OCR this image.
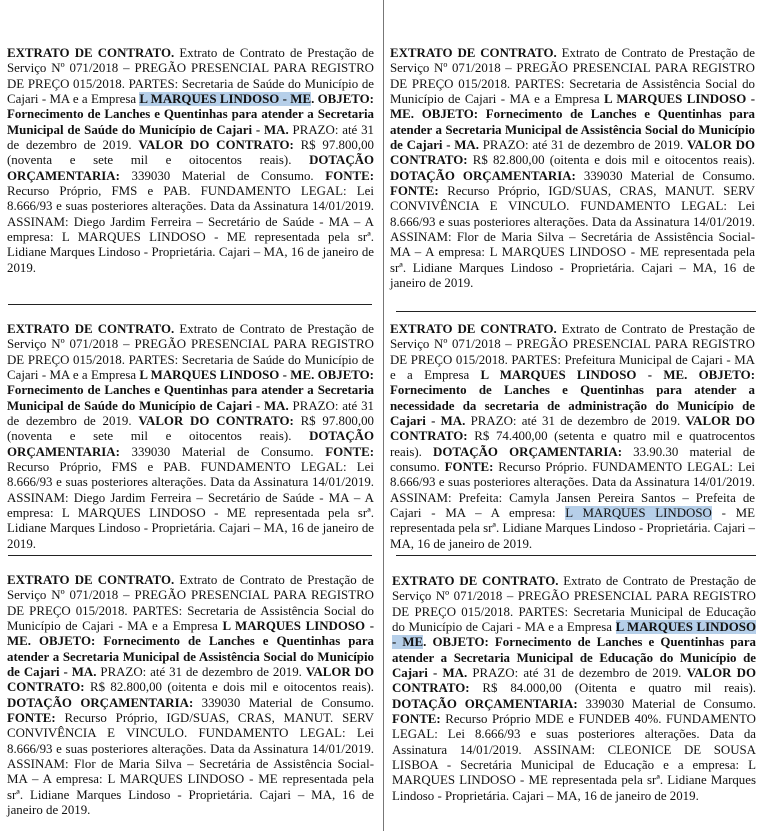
EXTRATO DE CONTRATO. Extrato de Contrato de Prestação de Serviço Nº 071/2018 – PREGÃO PRESENCIAL PARA REGISTRO DE PREÇO 015/2018. PARTES: Secretaria de Saúde do Município de Cajari - MA e a Empresa L MARQUES LINDOSO - ME. OBJETO: Fornecimento de Lanches e Quentinhas para atender a Secretaria Municipal de Saúde do Município de Cajari - MA. PRAZO: até 31 de dezembro de 2019. VALOR DO CONTRATO: R$ 97.800,00 (noventa e sete mil e oitocentos reais). DOTAÇÃO ORÇAMENTARIA: 339030 Material de Consumo. FONTE: Recurso Próprio, FMS e PAB. FUNDAMENTO LEGAL: Lei 8.666/93 e suas posteriores alterações. Data da Assinatura 14/01/2019. ASSINAM: Diego Jardim Ferreira – Secretário de Saúde - MA – A empresa: L MARQUES LINDOSO - ME representada pela srª. Lidiane Marques Lindoso - Proprietária. Cajari – MA, 16 de janeiro de 2019.

EXTRATO DE CONTRATO. Extrato de Contrato de Prestação de Serviço Nº 071/2018 – PREGÃO PRESENCIAL PARA REGISTRO DE PREÇO 015/2018. PARTES: Secretaria de Assistência Social do Município de Cajari - MA e a Empresa L MARQUES LINDOSO - ME. OBJETO: Fornecimento de Lanches e Quentinhas para atender a Secretaria Municipal de Assistência Social do Município de Cajari - MA. PRAZO: até 31 de dezembro de 2019. VALOR DO CONTRATO: R$ 82.800,00 (oitenta e dois mil e oitocentos reais). DOTAÇÃO ORÇAMENTARIA: 339030 Material de Consumo. FONTE: Recurso Próprio, IGD/SUAS, CRAS, MANUT. SERV CONVIVÊNCIA E VINCULO. FUNDAMENTO LEGAL: Lei 8.666/93 e suas posteriores alterações. Data da Assinatura 14/01/2019. ASSINAM: Flor de Maria Silva – Secretária de Assistência Social- MA – A empresa: L MARQUES LINDOSO - ME representada pela srª. Lidiane Marques Lindoso - Proprietária. Cajari – MA, 16 de janeiro de 2019.

EXTRATO DE CONTRATO. Extrato de Contrato de Prestação de Serviço Nº 071/2018 – PREGÃO PRESENCIAL PARA REGISTRO DE PREÇO 015/2018. PARTES: Secretaria de Saúde do Município de Cajari - MA e a Empresa L MARQUES LINDOSO - ME. OBJETO: Fornecimento de Lanches e Quentinhas para atender a Secretaria Municipal de Saúde do Município de Cajari - MA. PRAZO: até 31 de dezembro de 2019. VALOR DO CONTRATO: R$ 97.800,00 (noventa e sete mil e oitocentos reais). DOTAÇÃO ORÇAMENTARIA: 339030 Material de Consumo. FONTE: Recurso Próprio, FMS e PAB. FUNDAMENTO LEGAL: Lei 8.666/93 e suas posteriores alterações. Data da Assinatura 14/01/2019. ASSINAM: Diego Jardim Ferreira – Secretário de Saúde - MA – A empresa: L MARQUES LINDOSO - ME representada pela srª. Lidiane Marques Lindoso - Proprietária. Cajari – MA, 16 de janeiro de 2019.

EXTRATO DE CONTRATO. Extrato de Contrato de Prestação de Serviço Nº 071/2018 – PREGÃO PRESENCIAL PARA REGISTRO DE PREÇO 015/2018. PARTES: Prefeitura Municipal de Cajari - MA e a Empresa L MARQUES LINDOSO - ME. OBJETO: Fornecimento de Lanches e Quentinhas para atender a necessidade da secretaria de administração do Município de Cajari - MA. PRAZO: até 31 de dezembro de 2019. VALOR DO CONTRATO: R$ 74.400,00 (setenta e quatro mil e quatrocentos reais). DOTAÇÃO ORÇAMENTARIA: 33.90.30 material de consumo. FONTE: Recurso Próprio. FUNDAMENTO LEGAL: Lei 8.666/93 e suas posteriores alterações. Data da Assinatura 14/01/2019. ASSINAM: Prefeita: Camyla Jansen Pereira Santos – Prefeita de Cajari - MA – A empresa: L MARQUES LINDOSO - ME representada pela srª. Lidiane Marques Lindoso - Proprietária. Cajari – MA, 16 de janeiro de 2019.

EXTRATO DE CONTRATO. Extrato de Contrato de Prestação de Serviço Nº 071/2018 – PREGÃO PRESENCIAL PARA REGISTRO DE PREÇO 015/2018. PARTES: Secretaria de Assistência Social do Município de Cajari - MA e a Empresa L MARQUES LINDOSO - ME. OBJETO: Fornecimento de Lanches e Quentinhas para atender a Secretaria Municipal de Assistência Social do Município de Cajari - MA. PRAZO: até 31 de dezembro de 2019. VALOR DO CONTRATO: R$ 82.800,00 (oitenta e dois mil e oitocentos reais). DOTAÇÃO ORÇAMENTARIA: 339030 Material de Consumo. FONTE: Recurso Próprio, IGD/SUAS, CRAS, MANUT. SERV CONVIVÊNCIA E VINCULO. FUNDAMENTO LEGAL: Lei 8.666/93 e suas posteriores alterações. Data da Assinatura 14/01/2019. ASSINAM: Flor de Maria Silva – Secretária de Assistência Social- MA – A empresa: L MARQUES LINDOSO - ME representada pela srª. Lidiane Marques Lindoso - Proprietária. Cajari – MA, 16 de janeiro de 2019.

EXTRATO DE CONTRATO. Extrato de Contrato de Prestação de Serviço Nº 071/2018 – PREGÃO PRESENCIAL PARA REGISTRO DE PREÇO 015/2018. PARTES: Secretaria Municipal de Educação do Município de Cajari - MA e a Empresa L MARQUES LINDOSO - ME. OBJETO: Fornecimento de Lanches e Quentinhas para atender a Secretaria Municipal de Educação do Município de Cajari - MA. PRAZO: até 31 de dezembro de 2019. VALOR DO CONTRATO: R$ 84.000,00 (Oitenta e quatro mil reais). DOTAÇÃO ORÇAMENTARIA: 339030 Material de Consumo. FONTE: Recurso Próprio MDE e FUNDEB 40%. FUNDAMENTO LEGAL: Lei 8.666/93 e suas posteriores alterações. Data da Assinatura 14/01/2019. ASSINAM: CLEONICE DE SOUSA LISBOA - Secretária Municipal de Educação e a empresa: L MARQUES LINDOSO - ME representada pela srª. Lidiane Marques Lindoso - Proprietária. Cajari – MA, 16 de janeiro de 2019.
